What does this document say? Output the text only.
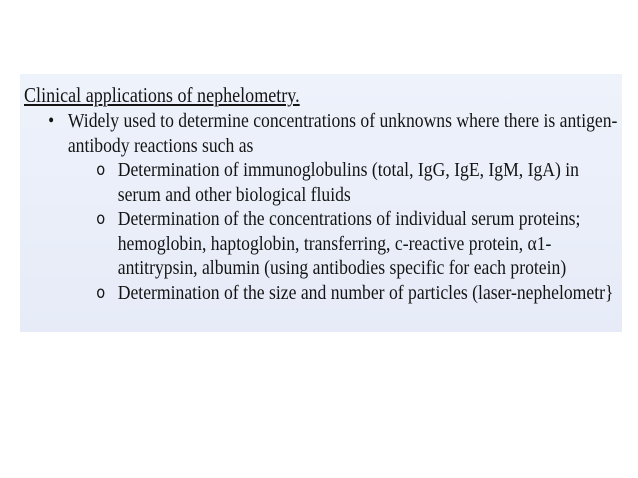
Clinical applications of nephelometry.

• Widely used to determine concentrations of unknowns where there is antigen-antibody reactions such as
o Determination of immunoglobulins (total, IgG, IgE, IgM, IgA) in serum and other biological fluids
o Determination of the concentrations of individual serum proteins; hemoglobin, haptoglobin, transferring, c-reactive protein, α1-antitrypsin, albumin (using antibodies specific for each protein)
o Determination of the size and number of particles (laser-nephelometr}
